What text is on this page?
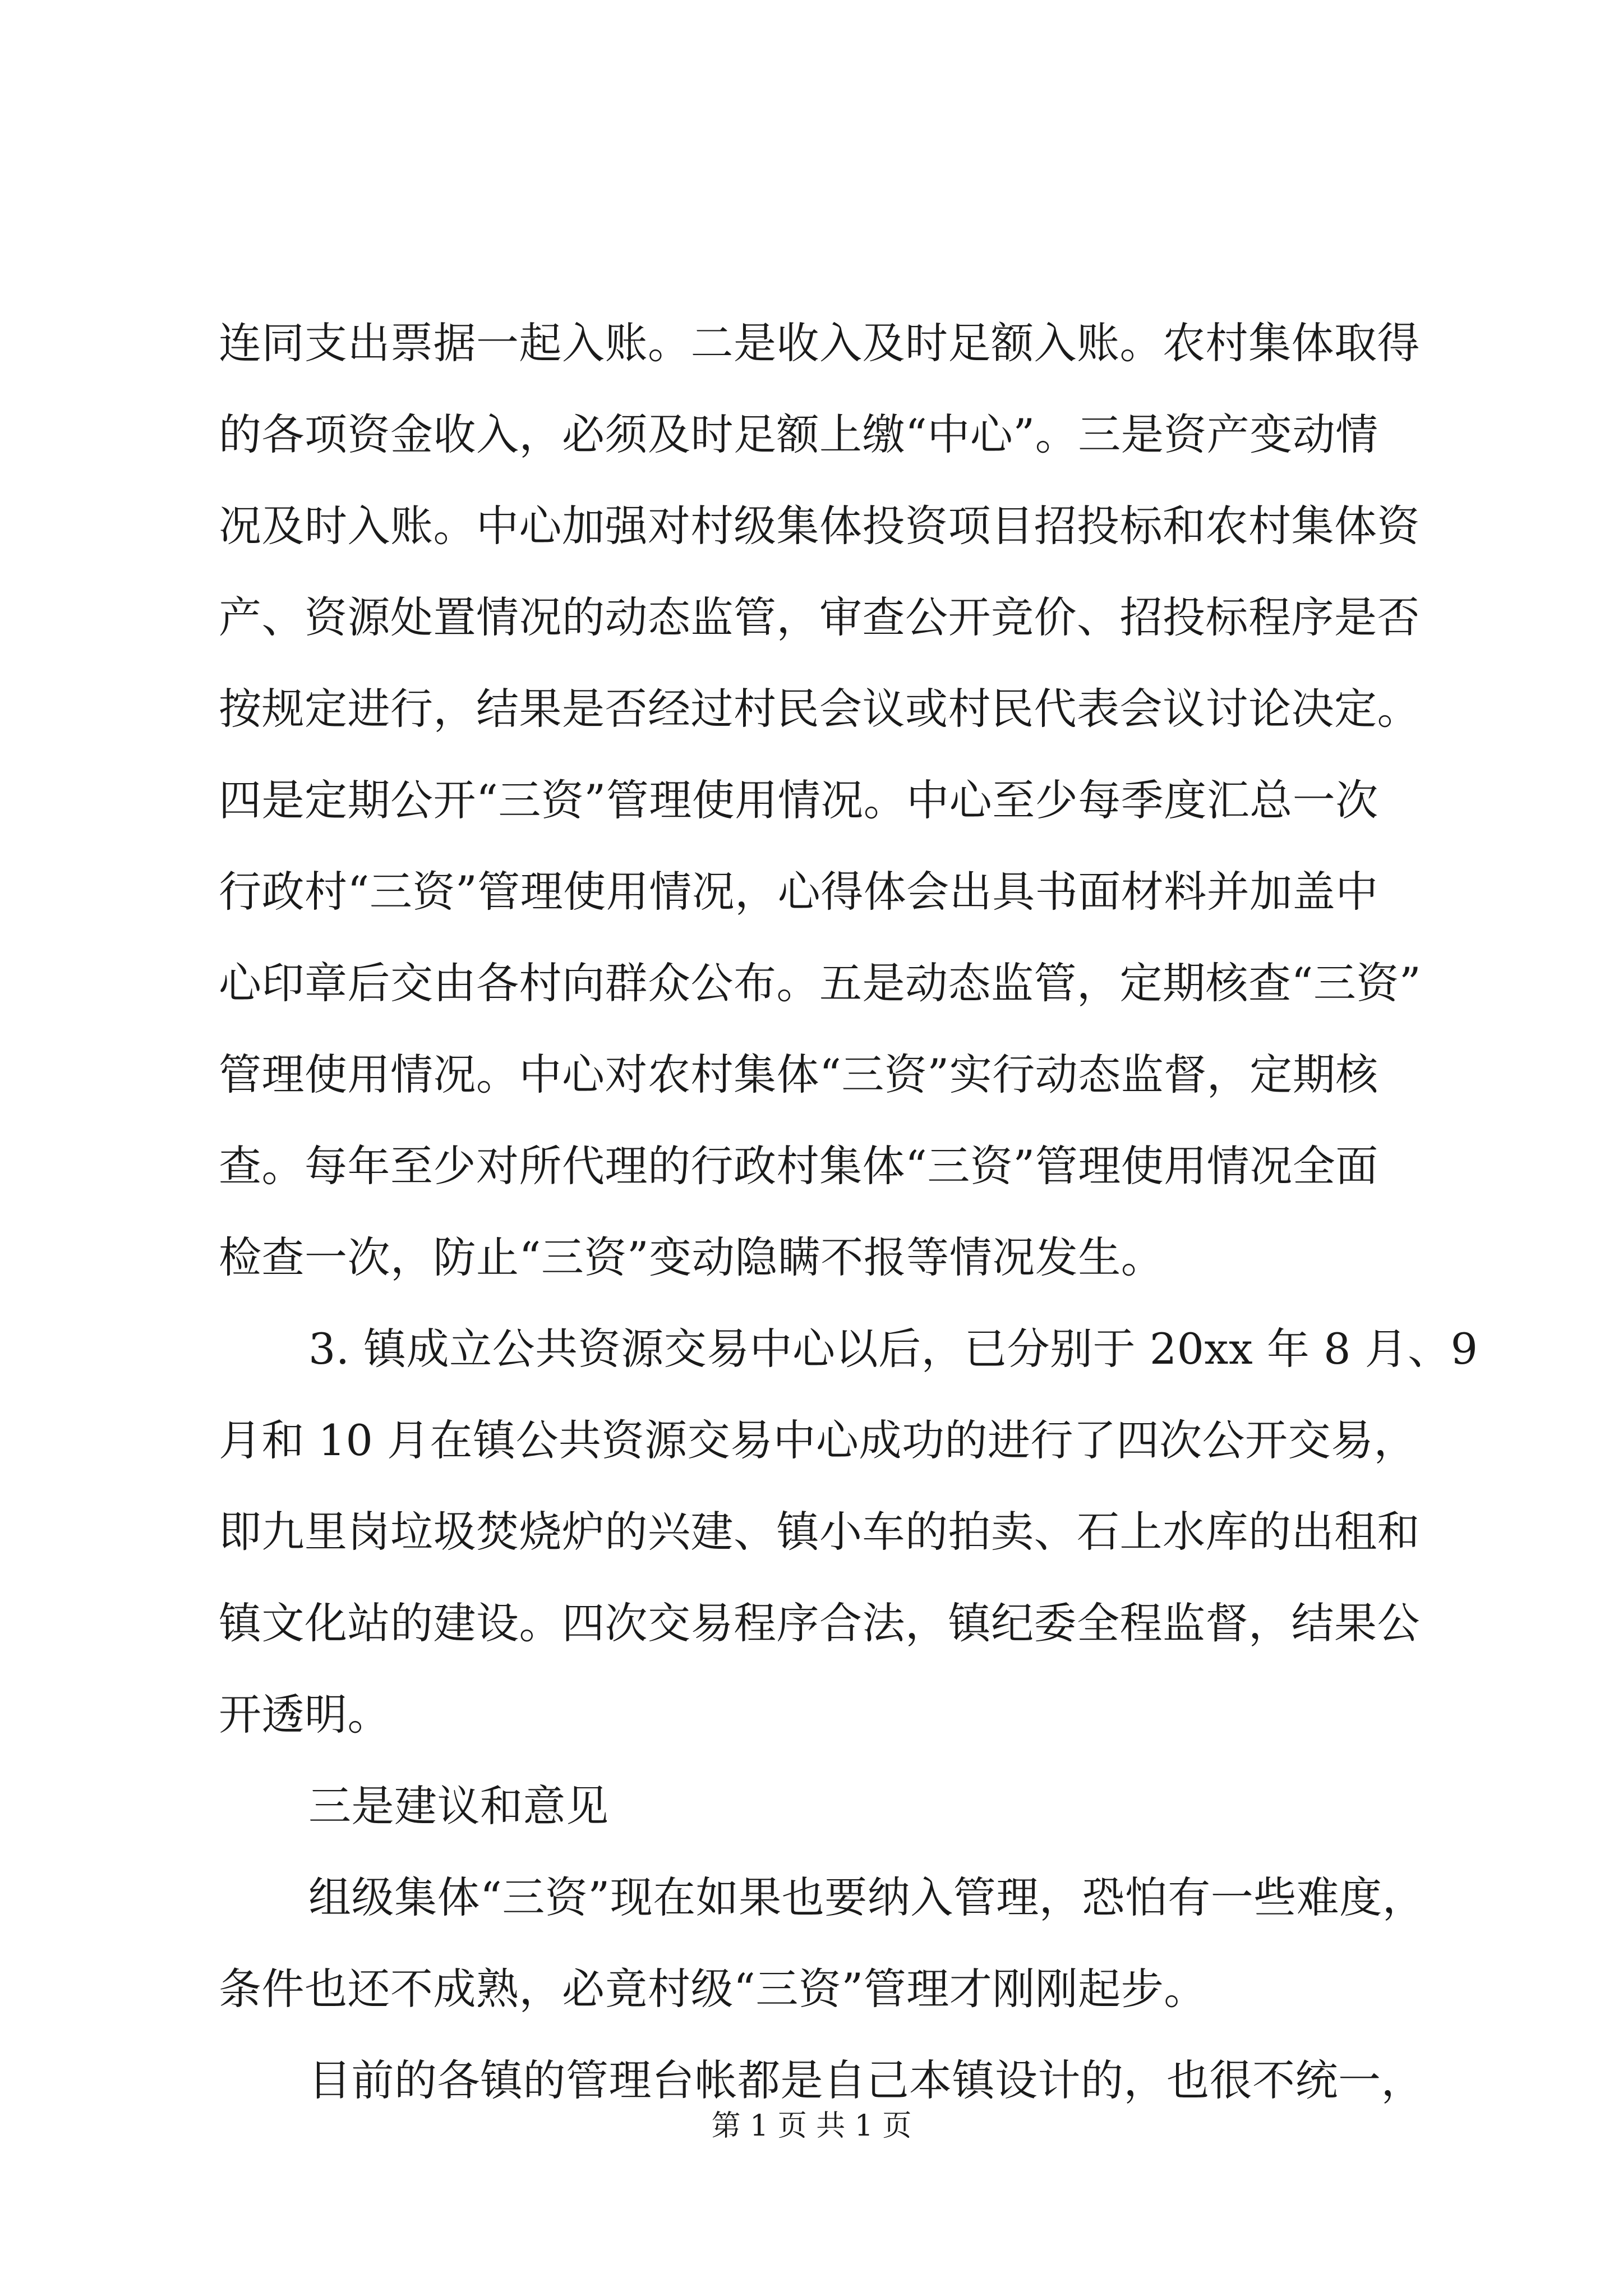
连同支出票据一起入账。二是收入及时足额入账。农村集体取得
的各项资金收入，必须及时足额上缴“中心”。三是资产变动情
况及时入账。中心加强对村级集体投资项目招投标和农村集体资
产、资源处置情况的动态监管，审查公开竞价、招投标程序是否
按规定进行，结果是否经过村民会议或村民代表会议讨论决定。
四是定期公开“三资”管理使用情况。中心至少每季度汇总一次
行政村“三资”管理使用情况，心得体会出具书面材料并加盖中
心印章后交由各村向群众公布。五是动态监管，定期核查“三资”
管理使用情况。中心对农村集体“三资”实行动态监督，定期核
查。每年至少对所代理的行政村集体“三资”管理使用情况全面
检查一次，防止“三资”变动隐瞒不报等情况发生。
3. 镇成立公共资源交易中心以后，已分别于 20xx 年 8 月、9
月和 10 月在镇公共资源交易中心成功的进行了四次公开交易，
即九里岗垃圾焚烧炉的兴建、镇小车的拍卖、石上水库的出租和
镇文化站的建设。四次交易程序合法，镇纪委全程监督，结果公
开透明。
三是建议和意见
组级集体“三资”现在如果也要纳入管理，恐怕有一些难度，
条件也还不成熟，必竟村级“三资”管理才刚刚起步。
目前的各镇的管理台帐都是自己本镇设计的，也很不统一，
第 1 页 共 1 页
